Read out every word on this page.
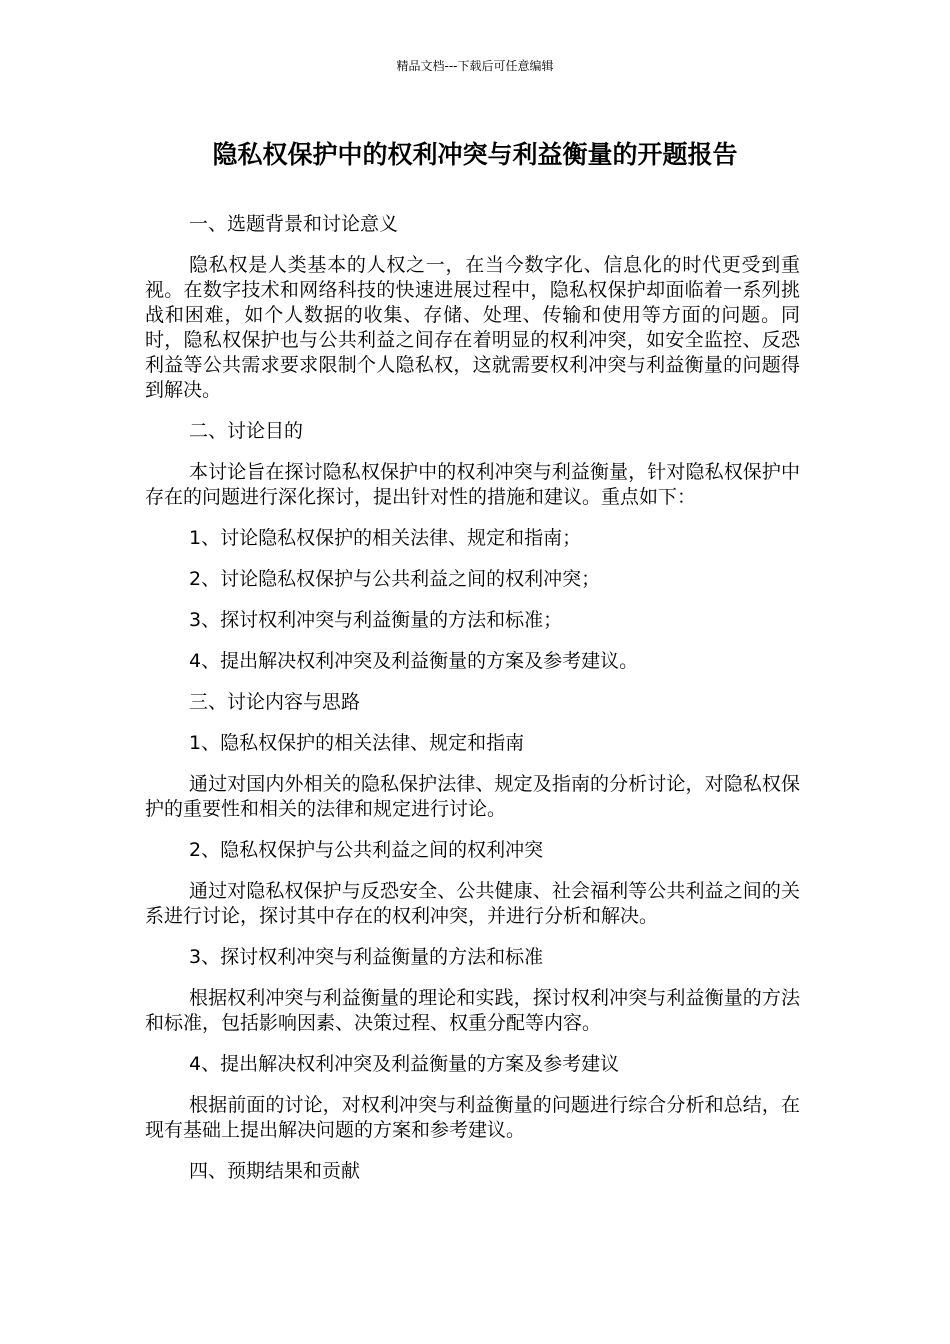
精品文档---下载后可任意编辑
隐私权保护中的权利冲突与利益衡量的开题报告

一、选题背景和讨论意义

隐私权是人类基本的人权之一，在当今数字化、信息化的时代更受到重视。在数字技术和网络科技的快速进展过程中，隐私权保护却面临着一系列挑战和困难，如个人数据的收集、存储、处理、传输和使用等方面的问题。同时，隐私权保护也与公共利益之间存在着明显的权利冲突，如安全监控、反恐利益等公共需求要求限制个人隐私权，这就需要权利冲突与利益衡量的问题得到解决。

二、讨论目的

本讨论旨在探讨隐私权保护中的权利冲突与利益衡量，针对隐私权保护中存在的问题进行深化探讨，提出针对性的措施和建议。重点如下：

1、讨论隐私权保护的相关法律、规定和指南；

2、讨论隐私权保护与公共利益之间的权利冲突；

3、探讨权利冲突与利益衡量的方法和标准；

4、提出解决权利冲突及利益衡量的方案及参考建议。

三、讨论内容与思路

1、隐私权保护的相关法律、规定和指南

通过对国内外相关的隐私保护法律、规定及指南的分析讨论，对隐私权保护的重要性和相关的法律和规定进行讨论。

2、隐私权保护与公共利益之间的权利冲突

通过对隐私权保护与反恐安全、公共健康、社会福利等公共利益之间的关系进行讨论，探讨其中存在的权利冲突，并进行分析和解决。

3、探讨权利冲突与利益衡量的方法和标准

根据权利冲突与利益衡量的理论和实践，探讨权利冲突与利益衡量的方法和标准，包括影响因素、决策过程、权重分配等内容。

4、提出解决权利冲突及利益衡量的方案及参考建议

根据前面的讨论，对权利冲突与利益衡量的问题进行综合分析和总结，在现有基础上提出解决问题的方案和参考建议。

四、预期结果和贡献
